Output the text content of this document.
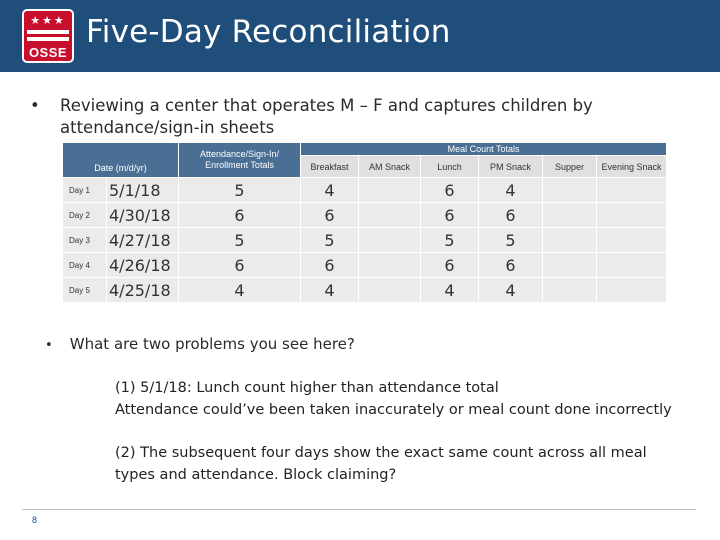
★★★
OSSE
Five-Day Reconciliation
• Reviewing a center that operates M – F and captures children by attendance/sign-in sheets
Date (m/d/yr)		Attendance/Sign-In/ Enrollment Totals	Meal Count Totals					
			Breakfast	AM Snack	Lunch	PM Snack	Supper	Evening Snack
Day 1	5/1/18	5	4		6	4		
Day 2	4/30/18	6	6		6	6		
Day 3	4/27/18	5	5		5	5		
Day 4	4/26/18	6	6		6	6		
Day 5	4/25/18	4	4		4	4		
• What are two problems you see here?
(1) 5/1/18: Lunch count higher than attendance total
Attendance could’ve been taken inaccurately or meal count done incorrectly
(2) The subsequent four days show the exact same count across all meal
types and attendance. Block claiming?
8
